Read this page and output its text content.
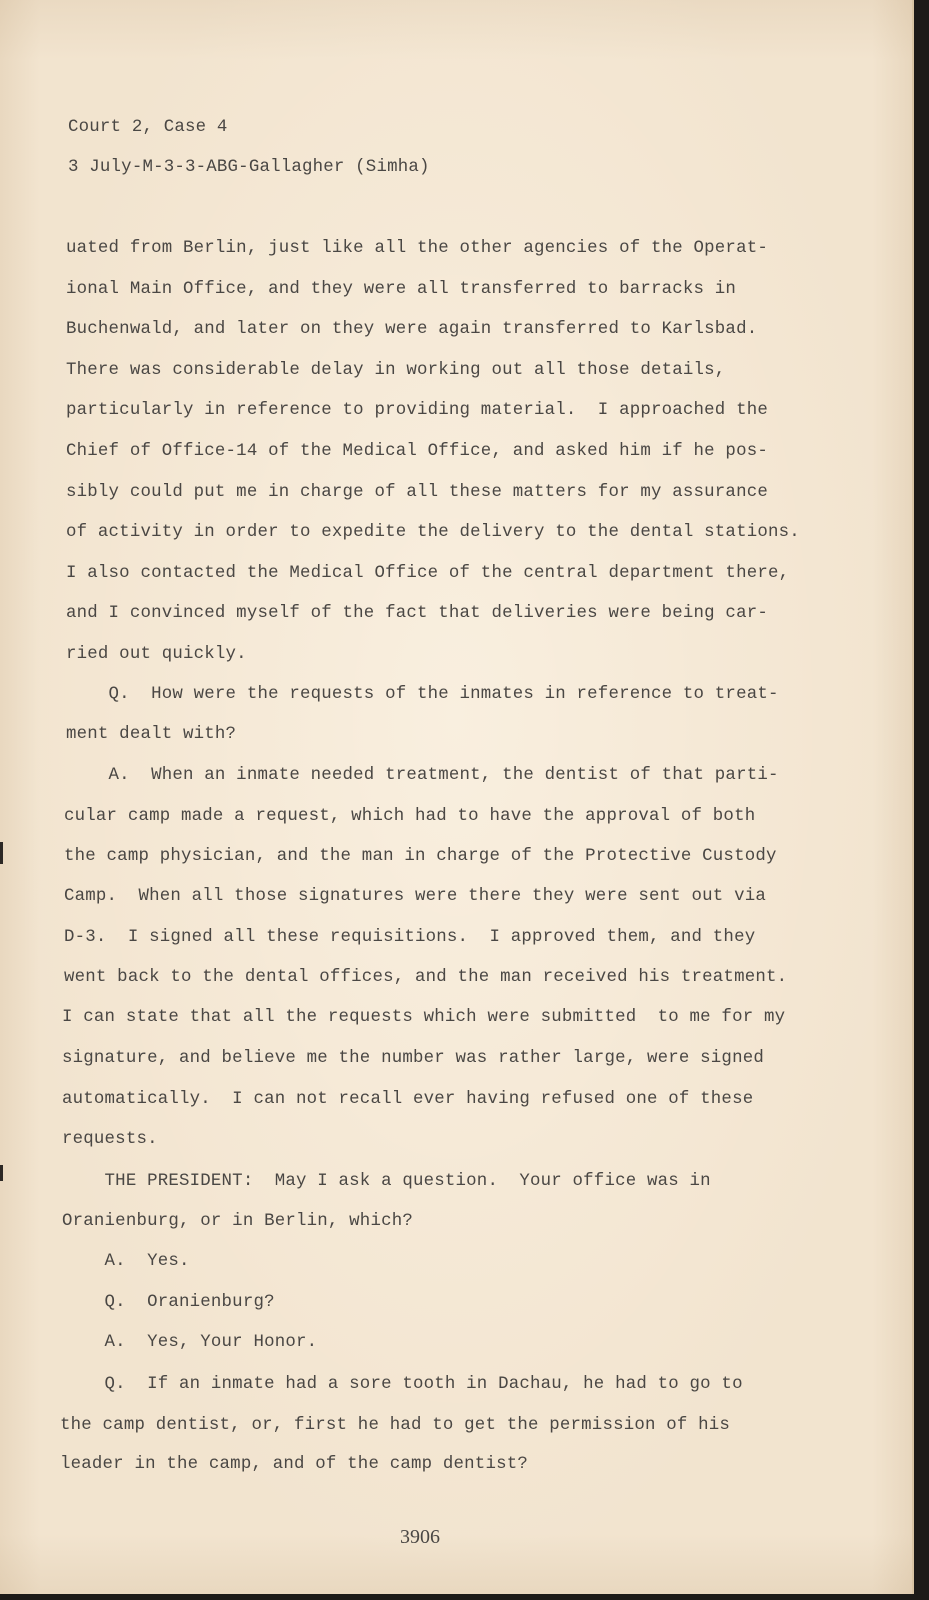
Court 2, Case 4
3 July-M-3-3-ABG-Gallagher (Simha)
uated from Berlin, just like all the other agencies of the Operat-
ional Main Office, and they were all transferred to barracks in
Buchenwald, and later on they were again transferred to Karlsbad.
There was considerable delay in working out all those details,
particularly in reference to providing material.  I approached the
Chief of Office-14 of the Medical Office, and asked him if he pos-
sibly could put me in charge of all these matters for my assurance
of activity in order to expedite the delivery to the dental stations.
I also contacted the Medical Office of the central department there,
and I convinced myself of the fact that deliveries were being car-
ried out quickly.
Q.  How were the requests of the inmates in reference to treat-
ment dealt with?
A.  When an inmate needed treatment, the dentist of that parti-
cular camp made a request, which had to have the approval of both
the camp physician, and the man in charge of the Protective Custody
Camp.  When all those signatures were there they were sent out via
D-3.  I signed all these requisitions.  I approved them, and they
went back to the dental offices, and the man received his treatment.
I can state that all the requests which were submitted  to me for my
signature, and believe me the number was rather large, were signed
automatically.  I can not recall ever having refused one of these
requests.
THE PRESIDENT:  May I ask a question.  Your office was in
Oranienburg, or in Berlin, which?
A.  Yes.
Q.  Oranienburg?
A.  Yes, Your Honor.
Q.  If an inmate had a sore tooth in Dachau, he had to go to
the camp dentist, or, first he had to get the permission of his
leader in the camp, and of the camp dentist?
3906
